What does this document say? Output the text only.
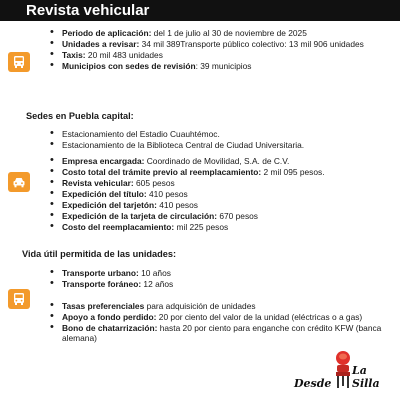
Revista vehicular
• Periodo de aplicación: del 1 de julio al 30 de noviembre de 2025
• Unidades a revisar: 34 mil 389Transporte público colectivo: 13 mil 906 unidades
• Taxis: 20 mil 483 unidades
• Municipios con sedes de revisión: 39 municipios
Sedes en Puebla capital:
• Estacionamiento del Estadio Cuauhtémoc.
• Estacionamiento de la Biblioteca Central de Ciudad Universitaria.
• Empresa encargada: Coordinado de Movilidad, S.A. de C.V.
• Costo total del trámite previo al reemplacamiento: 2 mil 095 pesos.
• Revista vehicular: 605 pesos
• Expedición del título: 410 pesos
• Expedición del tarjetón: 410 pesos
• Expedición de la tarjeta de circulación: 670 pesos
• Costo del reemplacamiento: mil 225 pesos
Vida útil permitida de las unidades:
• Transporte urbano: 10 años
• Transporte foráneo: 12 años
• Tasas preferenciales para adquisición de unidades
• Apoyo a fondo perdido: 20 por ciento del valor de la unidad (eléctricas o a gas)
• Bono de chatarrización: hasta 20 por ciento para enganche con crédito KFW (banca alemana)
Desde
La Silla
